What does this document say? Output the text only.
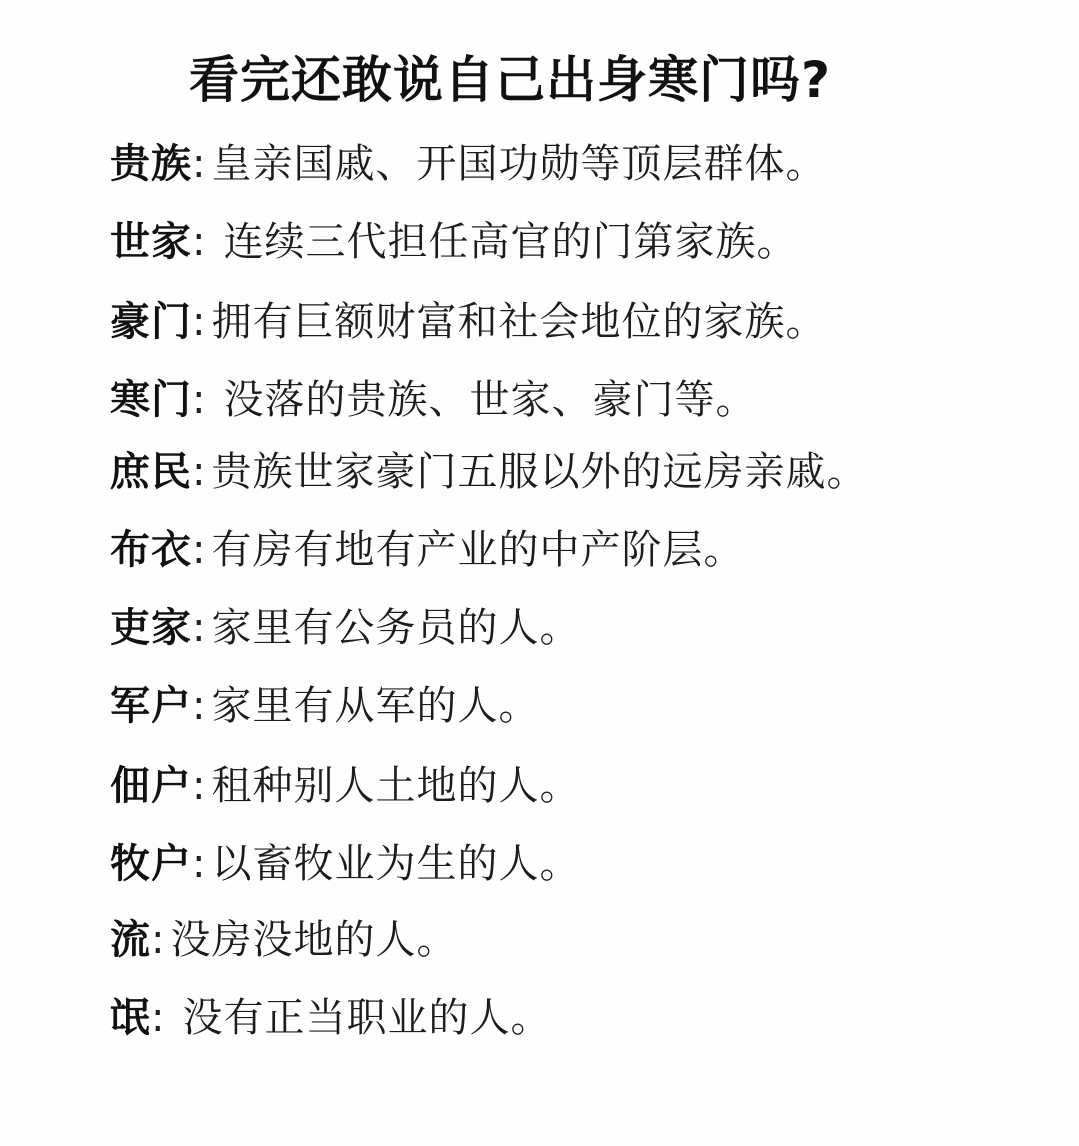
看完还敢说自己出身寒门吗?
贵族: 皇亲国戚、开国功勋等顶层群体。
世家: 连续三代担任高官的门第家族。
豪门: 拥有巨额财富和社会地位的家族。
寒门: 没落的贵族、世家、豪门等。
庶民: 贵族世家豪门五服以外的远房亲戚。
布衣: 有房有地有产业的中产阶层。
吏家: 家里有公务员的人。
军户: 家里有从军的人。
佃户: 租种别人土地的人。
牧户: 以畜牧业为生的人。
流: 没房没地的人。
氓: 没有正当职业的人。
